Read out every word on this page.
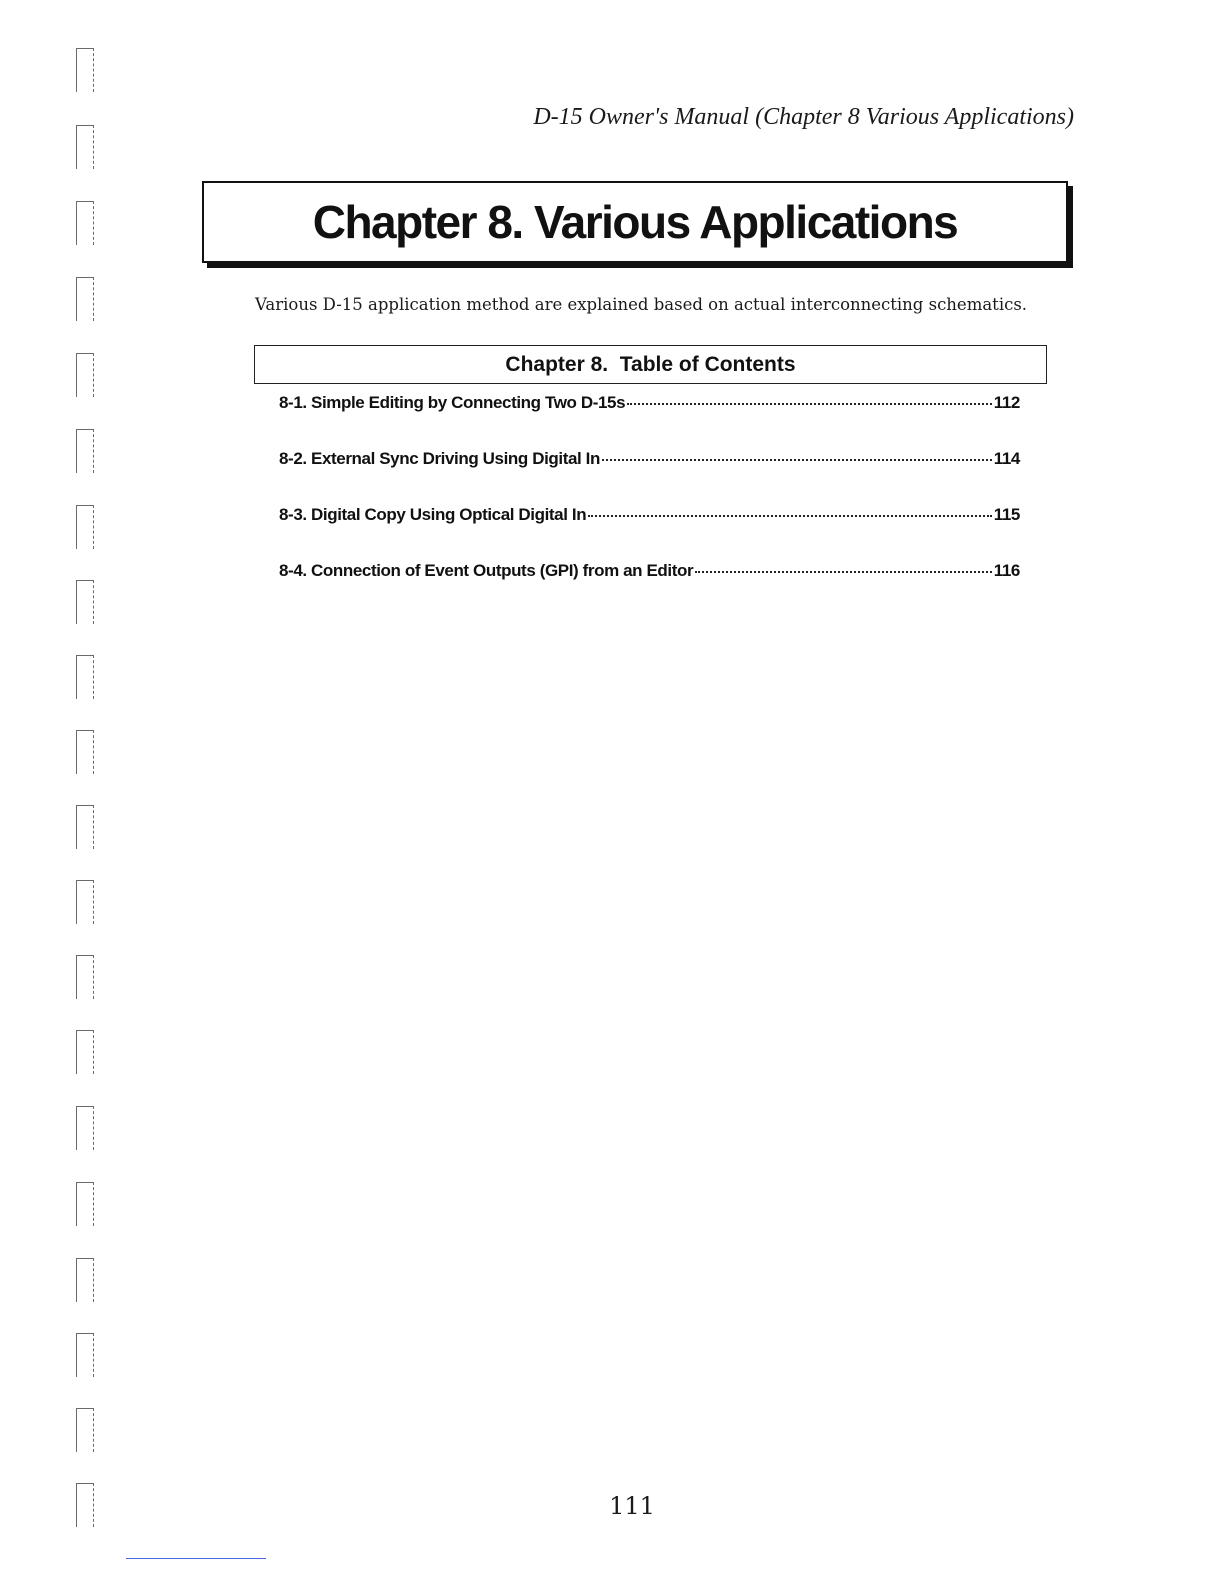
D-15 Owner's Manual (Chapter 8 Various Applications)
Chapter 8. Various Applications

Various D-15 application method are explained based on actual interconnecting schematics.

Chapter 8.  Table of Contents
8-1. Simple Editing by Connecting Two D-15s	112
8-2. External Sync Driving Using Digital In	114
8-3. Digital Copy Using Optical Digital In	115
8-4. Connection of Event Outputs (GPI) from an Editor	116
111
